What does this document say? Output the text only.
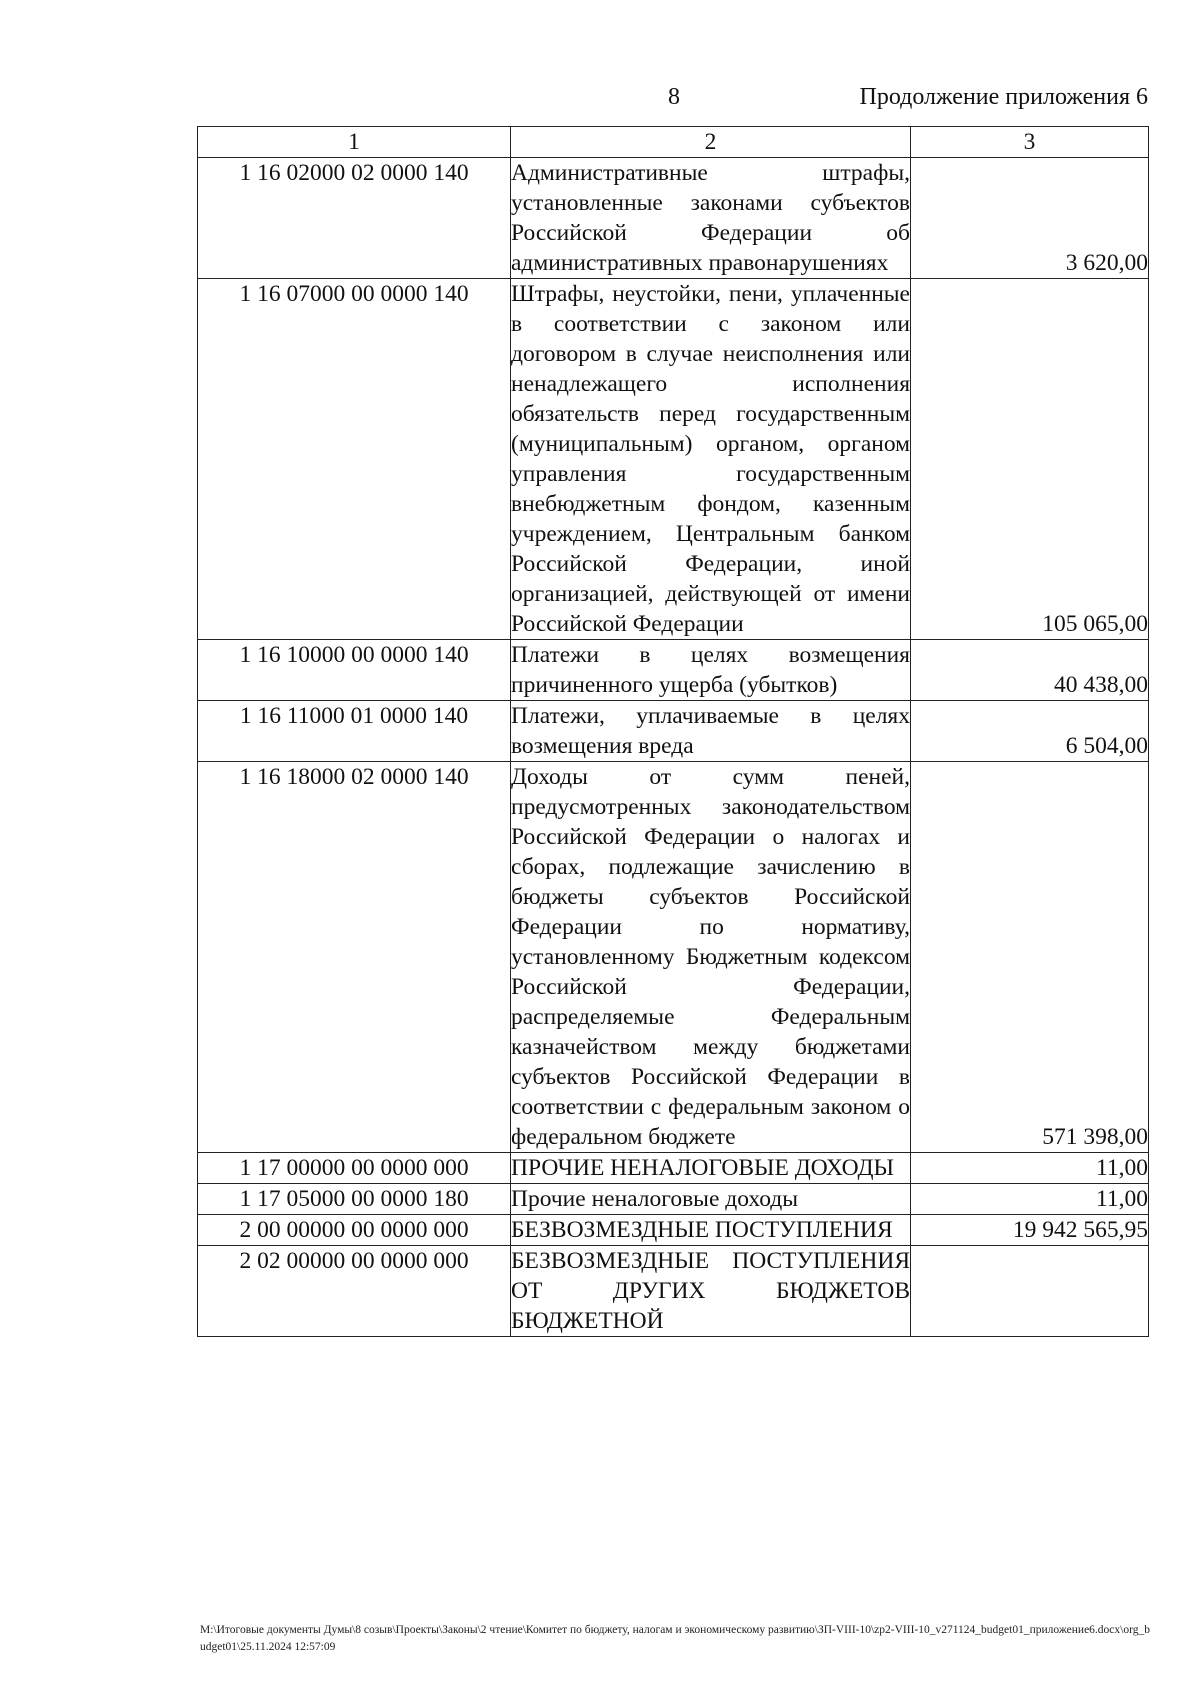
8	Продолжение приложения 6
1	2	3
1 16 02000 02 0000 140	Административные штрафы, установленные законами субъектов Российской Федерации об административных правонарушениях	3 620,00
1 16 07000 00 0000 140	Штрафы, неустойки, пени, уплаченные в соответствии с законом или договором в случае неисполнения или ненадлежащего исполнения обязательств перед государственным (муниципальным) органом, органом управления государственным внебюджетным фондом, казенным учреждением, Центральным банком Российской Федерации, иной организацией, действующей от имени Российской Федерации	105 065,00
1 16 10000 00 0000 140	Платежи в целях возмещения причиненного ущерба (убытков)	40 438,00
1 16 11000 01 0000 140	Платежи, уплачиваемые в целях возмещения вреда	6 504,00
1 16 18000 02 0000 140	Доходы от сумм пеней, предусмотренных законодательством Российской Федерации о налогах и сборах, подлежащие зачислению в бюджеты субъектов Российской Федерации по нормативу, установленному Бюджетным кодексом Российской Федерации, распределяемые Федеральным казначейством между бюджетами субъектов Российской Федерации в соответствии с федеральным законом о федеральном бюджете	571 398,00
1 17 00000 00 0000 000	ПРОЧИЕ НЕНАЛОГОВЫЕ ДОХОДЫ	11,00
1 17 05000 00 0000 180	Прочие неналоговые доходы	11,00
2 00 00000 00 0000 000	БЕЗВОЗМЕЗДНЫЕ ПОСТУПЛЕНИЯ	19 942 565,95
2 02 00000 00 0000 000	БЕЗВОЗМЕЗДНЫЕ ПОСТУПЛЕНИЯ ОТ ДРУГИХ БЮДЖЕТОВ БЮДЖЕТНОЙ	
M:\Итоговые документы Думы\8 созыв\Проекты\Законы\2 чтение\Комитет по бюджету, налогам и экономическому развитию\ЗП-VIII-10\zp2-VIII-10_v271124_budget01_приложение6.docx\org_budget01\25.11.2024 12:57:09
